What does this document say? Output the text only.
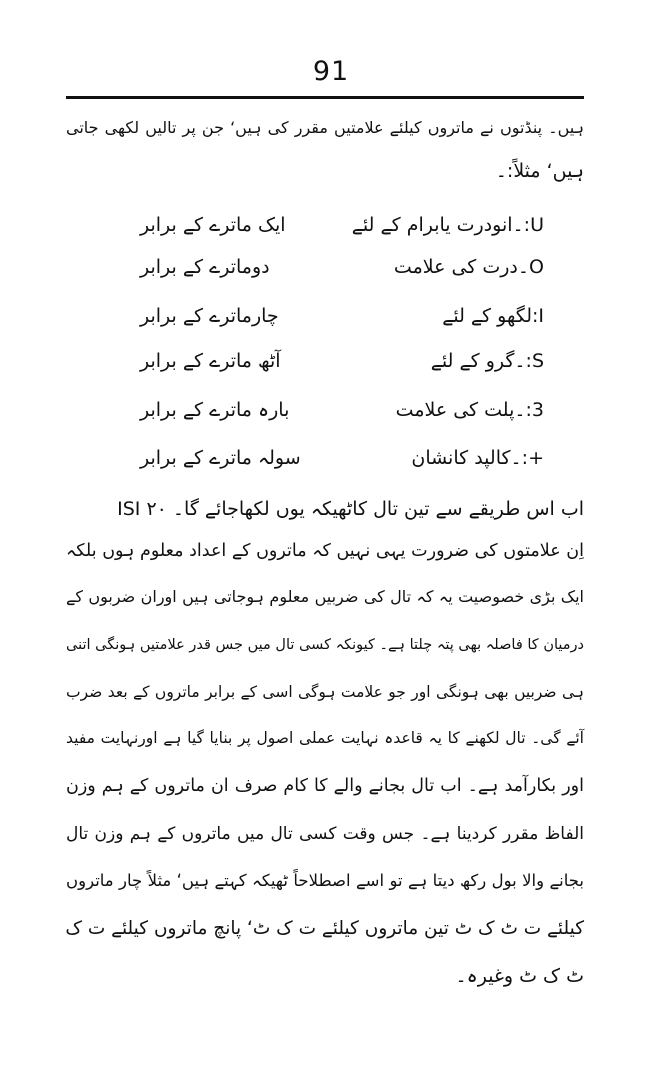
91
ہیں۔ پنڈتوں نے ماتروں کیلئے علامتیں مقرر کی ہیں‘ جن پر تالیں لکھی جاتی
ہیں‘ مثلاً:۔
U:۔انودرت یابرام کے لئے
ایک ماترے کے برابر
O۔درت کی علامت
دوماترے کے برابر
I:لگھو کے لئے
چارماترے کے برابر
S:۔گرو کے لئے
آٹھ ماترے کے برابر
3:۔پلت کی علامت
بارہ ماترے کے برابر
+:۔کالپد کانشان
سولہ ماترے کے برابر
اب اس طریقے سے تین تال کاٹھیکہ یوں لکھاجائے گا۔ ۲۰ ISI
اِن علامتوں کی ضرورت یہی نہیں کہ ماتروں کے اعداد معلوم ہوں بلکہ
ایک بڑی خصوصیت یہ کہ تال کی ضربیں معلوم ہوجاتی ہیں اوران ضربوں کے
درمیان کا فاصلہ بھی پتہ چلتا ہے۔ کیونکہ کسی تال میں جس قدر علامتیں ہونگی اتنی
ہی ضربیں بھی ہونگی اور جو علامت ہوگی اسی کے برابر ماتروں کے بعد ضرب
آئے گی۔ تال لکھنے کا یہ قاعدہ نہایت عملی اصول پر بنایا گیا ہے اورنہایت مفید
اور بکارآمد ہے۔ اب تال بجانے والے کا کام صرف ان ماتروں کے ہم وزن
الفاظ مقرر کردینا ہے۔ جس وقت کسی تال میں ماتروں کے ہم وزن تال
بجانے والا بول رکھ دیتا ہے تو اسے اصطلاحاً ٹھیکہ کہتے ہیں‘ مثلاً چار ماتروں
کیلئے ت ٹ ک ٹ تین ماتروں کیلئے ت ک ٹ‘ پانچ ماتروں کیلئے ت ک
ٹ ک ٹ وغیرہ۔
